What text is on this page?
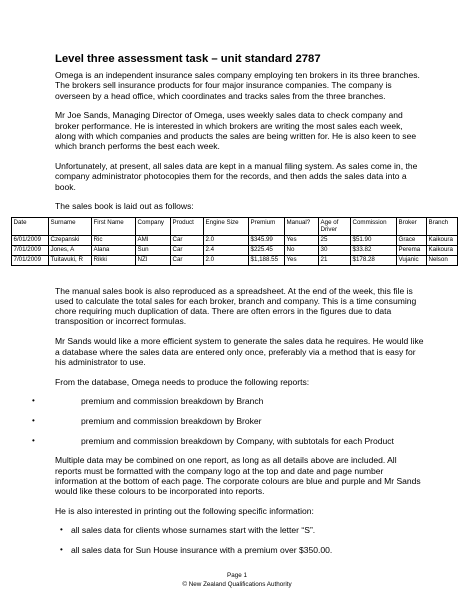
Level three assessment task – unit standard 2787

Omega is an independent insurance sales company employing ten brokers in its three branches. The brokers sell insurance products for four major insurance companies. The company is overseen by a head office, which coordinates and tracks sales from the three branches.

Mr Joe Sands, Managing Director of Omega, uses weekly sales data to check company and broker performance. He is interested in which brokers are writing the most sales each week, along with which companies and products the sales are being written for. He is also keen to see which branch performs the best each week.

Unfortunately, at present, all sales data are kept in a manual filing system. As sales come in, the company administrator photocopies them for the records, and then adds the sales data into a book.

The sales book is laid out as follows:

Date	Surname	First Name	Company	Product	Engine Size	Premium	Manual?	Age of Driver	Commission	Broker	Branch
6/01/2009	Czepanski	Ric	AMI	Car	2.0	$345.99	Yes	25	$51.90	Grace	Kaikoura
7/01/2009	Jones, A	Alana	Sun	Car	2.4	$225.45	No	30	$33.82	Perema	Kaikoura
7/01/2009	Tuitavuki, R	Rikki	NZI	Car	2.0	$1,188.55	Yes	21	$178.28	Vujanic	Nelson

The manual sales book is also reproduced as a spreadsheet. At the end of the week, this file is used to calculate the total sales for each broker, branch and company. This is a time consuming chore requiring much duplication of data. There are often errors in the figures due to data transposition or incorrect formulas.

Mr Sands would like a more efficient system to generate the sales data he requires. He would like a database where the sales data are entered only once, preferably via a method that is easy for his administrator to use.

From the database, Omega needs to produce the following reports:

•	premium and commission breakdown by Branch
•	premium and commission breakdown by Broker
•	premium and commission breakdown by Company, with subtotals for each Product

Multiple data may be combined on one report, as long as all details above are included. All reports must be formatted with the company logo at the top and date and page number information at the bottom of each page. The corporate colours are blue and purple and Mr Sands would like these colours to be incorporated into reports.

He is also interested in printing out the following specific information:

• all sales data for clients whose surnames start with the letter “S”.
• all sales data for Sun House insurance with a premium over $350.00.
Page 1
© New Zealand Qualifications Authority
